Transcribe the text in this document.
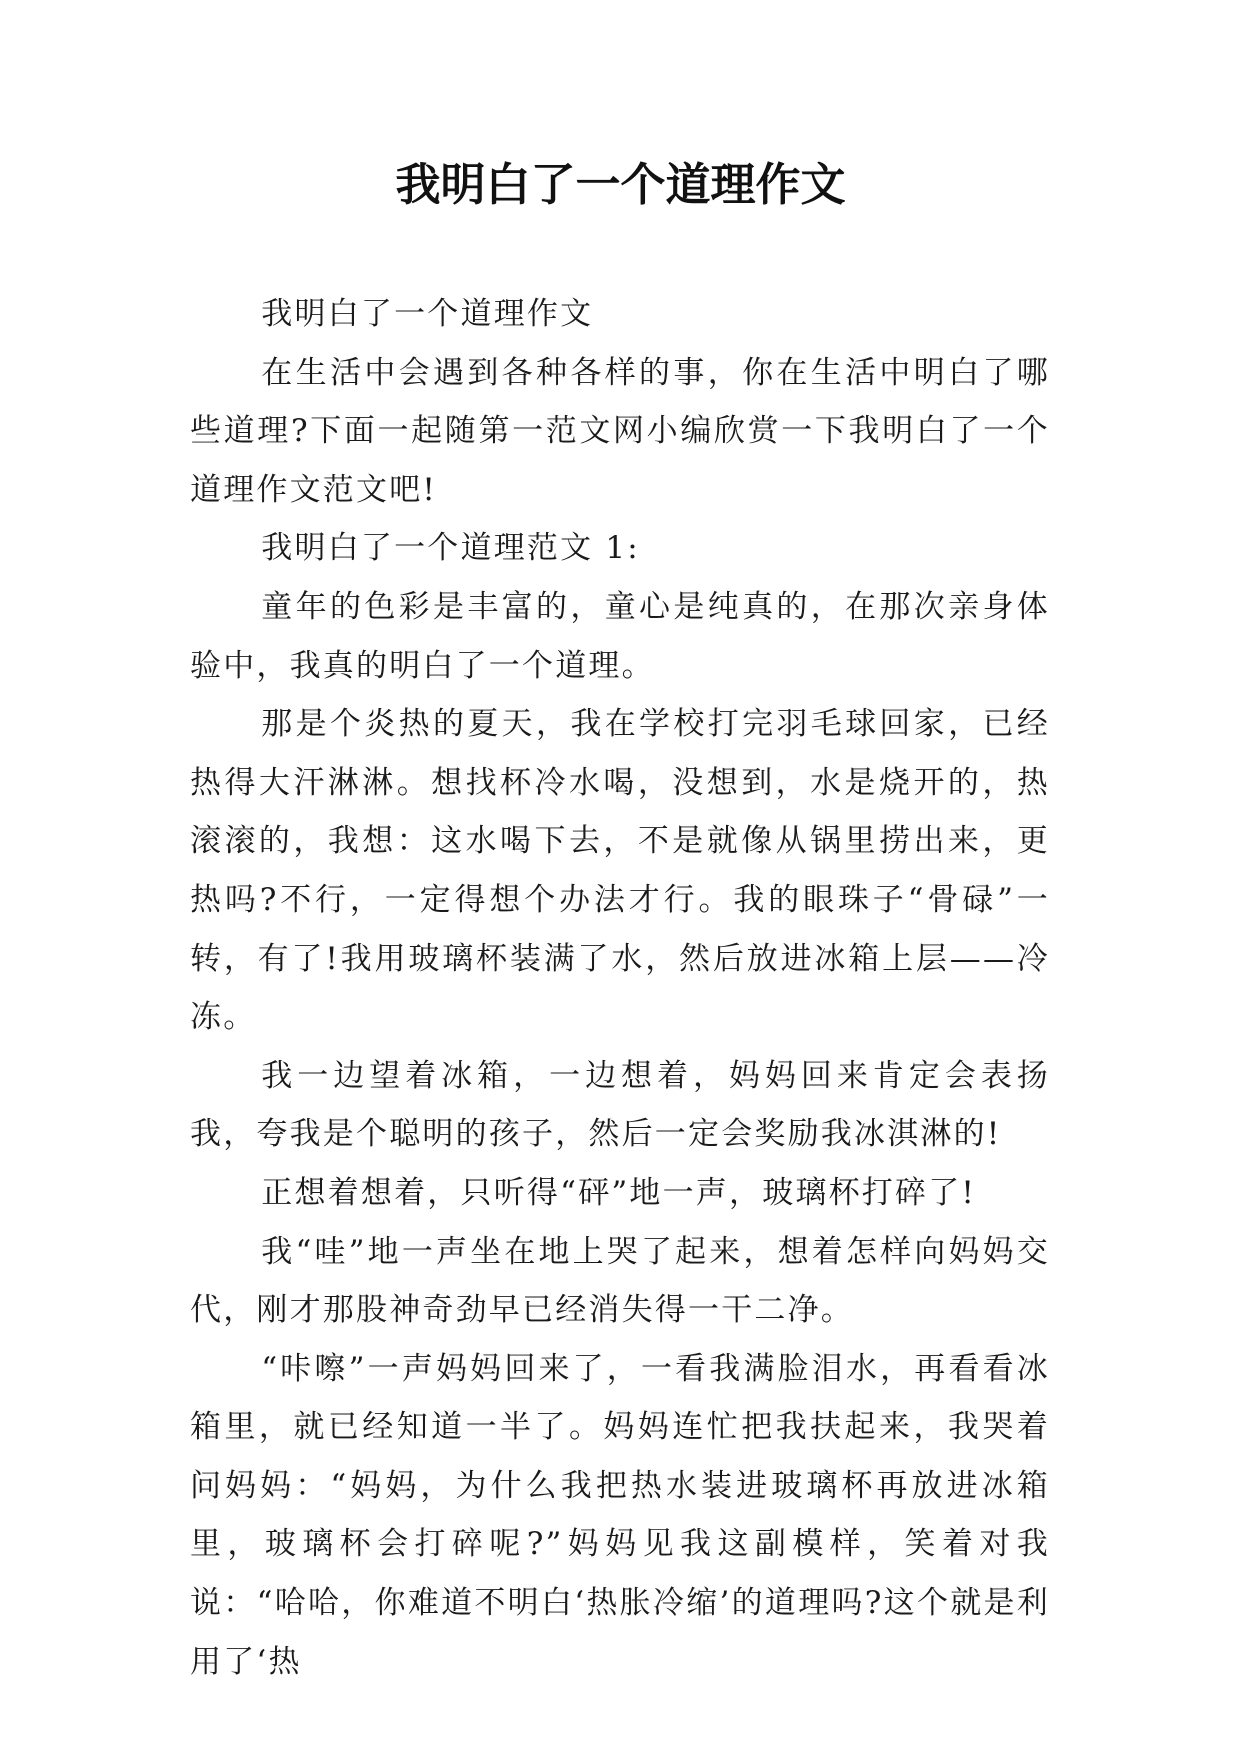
我明白了一个道理作文

我明白了一个道理作文

在生活中会遇到各种各样的事，你在生活中明白了哪些道理?下面一起随第一范文网小编欣赏一下我明白了一个道理作文范文吧!

我明白了一个道理范文 1:

童年的色彩是丰富的，童心是纯真的，在那次亲身体验中，我真的明白了一个道理。

那是个炎热的夏天，我在学校打完羽毛球回家，已经热得大汗淋淋。想找杯冷水喝，没想到，水是烧开的，热滚滚的，我想：这水喝下去，不是就像从锅里捞出来，更热吗?不行，一定得想个办法才行。我的眼珠子“骨碌”一转，有了!我用玻璃杯装满了水，然后放进冰箱上层——冷冻。

我一边望着冰箱，一边想着，妈妈回来肯定会表扬我，夸我是个聪明的孩子，然后一定会奖励我冰淇淋的!

正想着想着，只听得“砰”地一声，玻璃杯打碎了!

我“哇”地一声坐在地上哭了起来，想着怎样向妈妈交代，刚才那股神奇劲早已经消失得一干二净。

“咔嚓”一声妈妈回来了，一看我满脸泪水，再看看冰箱里，就已经知道一半了。妈妈连忙把我扶起来，我哭着问妈妈：“妈妈，为什么我把热水装进玻璃杯再放进冰箱里，玻璃杯会打碎呢?”妈妈见我这副模样，笑着对我说：“哈哈，你难道不明白‘热胀冷缩’的道理吗?这个就是利用了‘热
